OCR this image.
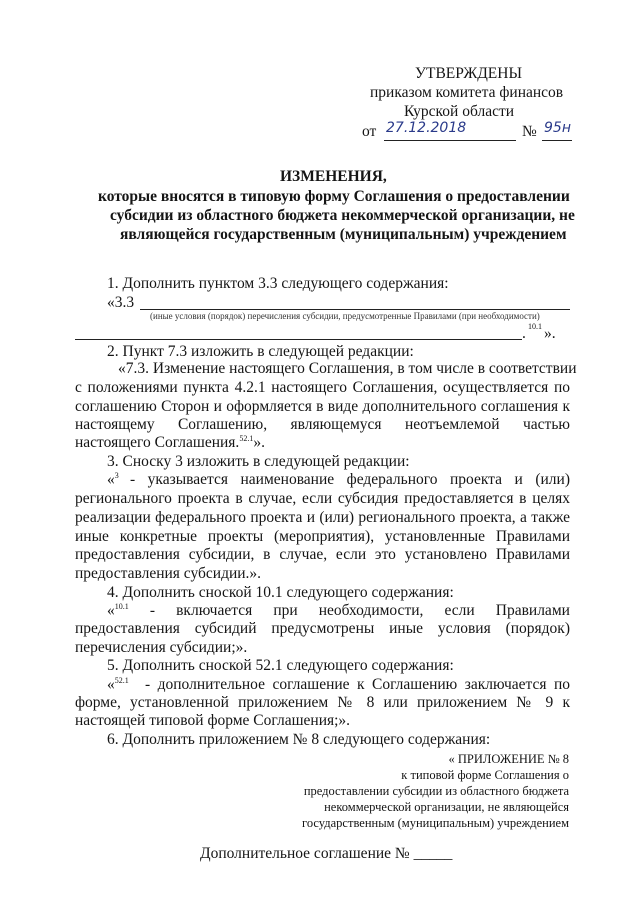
УТВЕРЖДЕНЫ
приказом комитета финансов
Курской области
от 27.12.2018	№ 95н
ИЗМЕНЕНИЯ,
которые вносятся в типовую форму Соглашения о предоставлении
субсидии из областного бюджета некоммерческой организации, не
являющейся государственным (муниципальным) учреждением
1. Дополнить пунктом 3.3 следующего содержания:
«3.3
(иные условия (порядок) перечисления субсидии, предусмотренные Правилами (при необходимости)
. 10.1 ».
2. Пункт 7.3 изложить в следующей редакции:
«7.3. Изменение настоящего Соглашения, в том числе в соответствии
с положениями пункта 4.2.1 настоящего Соглашения, осуществляется по
соглашению Сторон и оформляется в виде дополнительного соглашения к
настоящему Соглашению, являющемуся неотъемлемой частью
настоящего Соглашения.$^{52.1}$».
3. Сноску 3 изложить в следующей редакции:
«$^3$ - указывается наименование федерального проекта и (или)
регионального проекта в случае, если субсидия предоставляется в целях
реализации федерального проекта и (или) регионального проекта, а также
иные конкретные проекты (мероприятия), установленные Правилами
предоставления субсидии, в случае, если это установлено Правилами
предоставления субсидии.».
4. Дополнить сноской 10.1 следующего содержания:
«$^{10.1}$ - включается при необходимости, если Правилами
предоставления субсидий предусмотрены иные условия (порядок)
перечисления субсидии;».
5. Дополнить сноской 52.1 следующего содержания:
«$^{52.1}$ - дополнительное соглашение к Соглашению заключается по
форме, установленной приложением № 8 или приложением № 9 к
настоящей типовой форме Соглашения;».
6. Дополнить приложением № 8 следующего содержания:
« ПРИЛОЖЕНИЕ № 8
к типовой форме Соглашения о
предоставлении субсидии из областного бюджета
некоммерческой организации, не являющейся
государственным (муниципальным) учреждением
Дополнительное соглашение № _____
